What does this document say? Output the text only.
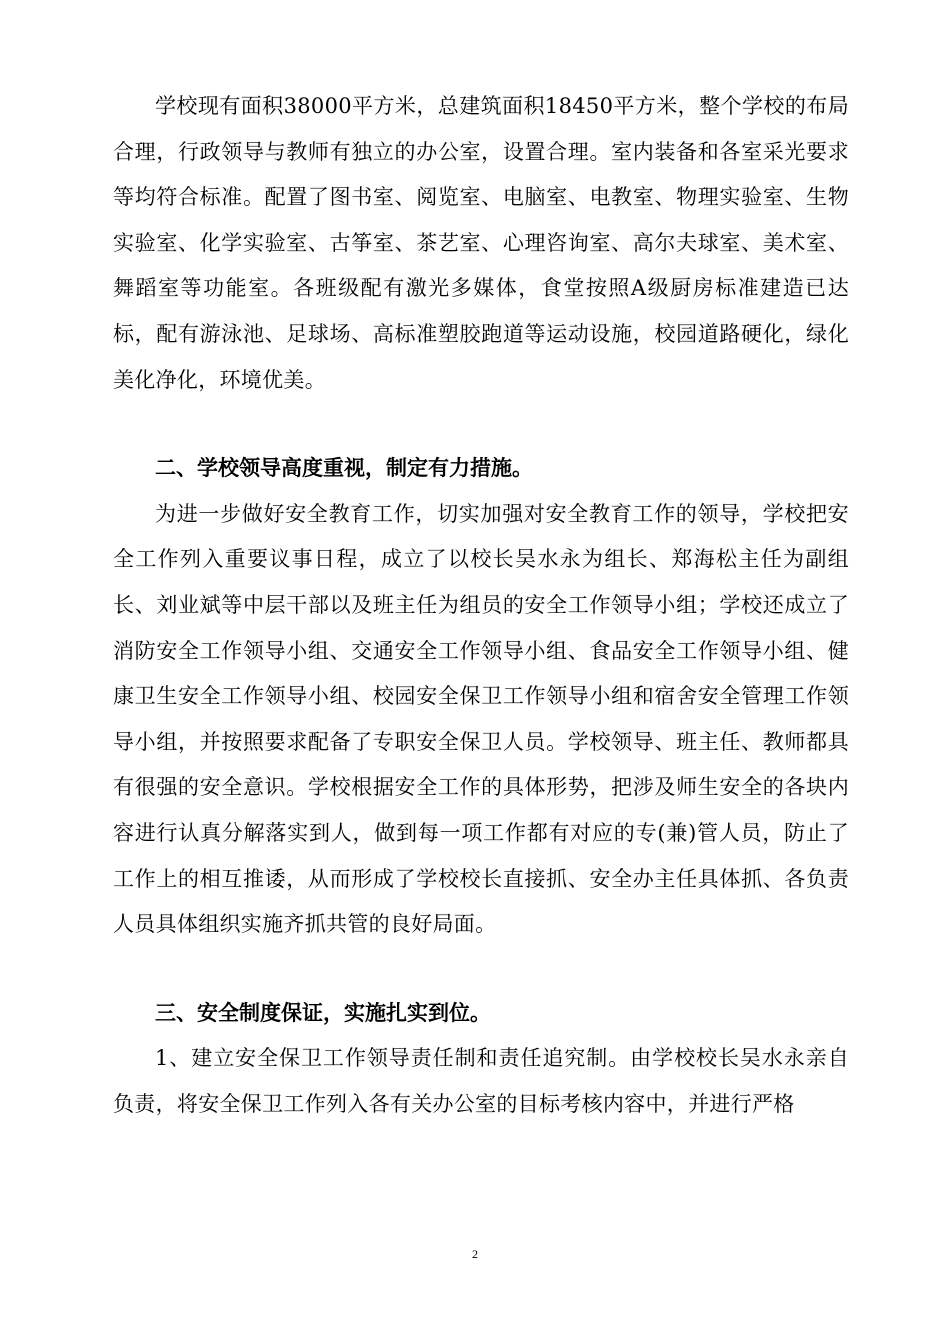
学校现有面积38000平方米，总建筑面积18450平方米，整个学校的布局合理，行政领导与教师有独立的办公室，设置合理。室内装备和各室采光要求等均符合标准。配置了图书室、阅览室、电脑室、电教室、物理实验室、生物实验室、化学实验室、古筝室、茶艺室、心理咨询室、高尔夫球室、美术室、舞蹈室等功能室。各班级配有激光多媒体，食堂按照A级厨房标准建造已达标，配有游泳池、足球场、高标准塑胶跑道等运动设施，校园道路硬化，绿化美化净化，环境优美。

二、学校领导高度重视，制定有力措施。

为进一步做好安全教育工作，切实加强对安全教育工作的领导，学校把安全工作列入重要议事日程，成立了以校长吴水永为组长、郑海松主任为副组长、刘业斌等中层干部以及班主任为组员的安全工作领导小组；学校还成立了消防安全工作领导小组、交通安全工作领导小组、食品安全工作领导小组、健康卫生安全工作领导小组、校园安全保卫工作领导小组和宿舍安全管理工作领导小组，并按照要求配备了专职安全保卫人员。学校领导、班主任、教师都具有很强的安全意识。学校根据安全工作的具体形势，把涉及师生安全的各块内容进行认真分解落实到人，做到每一项工作都有对应的专(兼)管人员，防止了工作上的相互推诿，从而形成了学校校长直接抓、安全办主任具体抓、各负责人员具体组织实施齐抓共管的良好局面。

三、安全制度保证，实施扎实到位。

1、建立安全保卫工作领导责任制和责任追究制。由学校校长吴水永亲自负责，将安全保卫工作列入各有关办公室的目标考核内容中，并进行严格

2
